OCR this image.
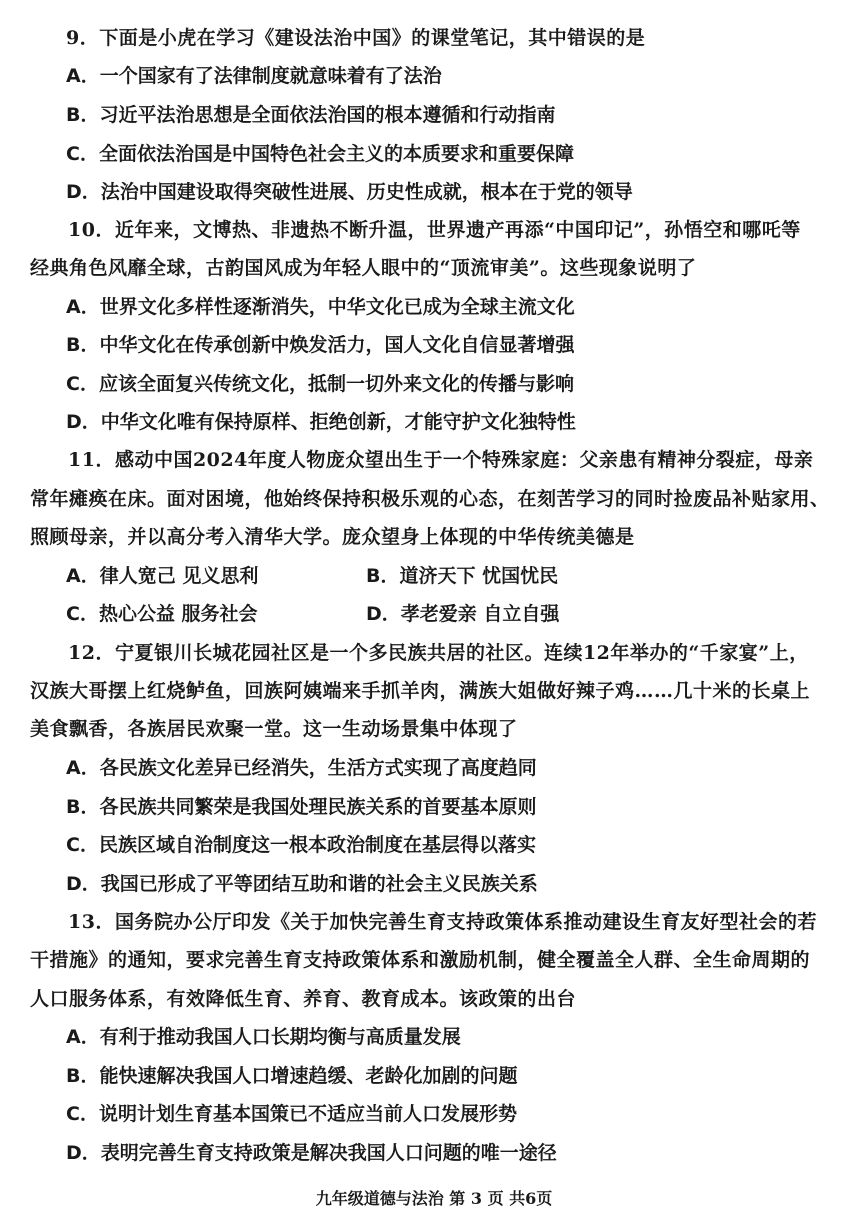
9．下面是小虎在学习《建设法治中国》的课堂笔记，其中错误的是
A．一个国家有了法律制度就意味着有了法治
B．习近平法治思想是全面依法治国的根本遵循和行动指南
C．全面依法治国是中国特色社会主义的本质要求和重要保障
D．法治中国建设取得突破性进展、历史性成就，根本在于党的领导
10．近年来，文博热、非遗热不断升温，世界遗产再添“中国印记”，孙悟空和哪吒等
经典角色风靡全球，古韵国风成为年轻人眼中的“顶流审美”。这些现象说明了
A．世界文化多样性逐渐消失，中华文化已成为全球主流文化
B．中华文化在传承创新中焕发活力，国人文化自信显著增强
C．应该全面复兴传统文化，抵制一切外来文化的传播与影响
D．中华文化唯有保持原样、拒绝创新，才能守护文化独特性
11．感动中国2024年度人物庞众望出生于一个特殊家庭：父亲患有精神分裂症，母亲
常年瘫痪在床。面对困境，他始终保持积极乐观的心态，在刻苦学习的同时捡废品补贴家用、
照顾母亲，并以高分考入清华大学。庞众望身上体现的中华传统美德是
A．律人宽己 见义思利	B．道济天下 忧国忧民
C．热心公益 服务社会	D．孝老爱亲 自立自强
12．宁夏银川长城花园社区是一个多民族共居的社区。连续12年举办的“千家宴”上，
汉族大哥摆上红烧鲈鱼，回族阿姨端来手抓羊肉，满族大姐做好辣子鸡……几十米的长桌上
美食飘香，各族居民欢聚一堂。这一生动场景集中体现了
A．各民族文化差异已经消失，生活方式实现了高度趋同
B．各民族共同繁荣是我国处理民族关系的首要基本原则
C．民族区域自治制度这一根本政治制度在基层得以落实
D．我国已形成了平等团结互助和谐的社会主义民族关系
13．国务院办公厅印发《关于加快完善生育支持政策体系推动建设生育友好型社会的若
干措施》的通知，要求完善生育支持政策体系和激励机制，健全覆盖全人群、全生命周期的
人口服务体系，有效降低生育、养育、教育成本。该政策的出台
A．有利于推动我国人口长期均衡与高质量发展
B．能快速解决我国人口增速趋缓、老龄化加剧的问题
C．说明计划生育基本国策已不适应当前人口发展形势
D．表明完善生育支持政策是解决我国人口问题的唯一途径
九年级道德与法治 第 3 页 共6页
